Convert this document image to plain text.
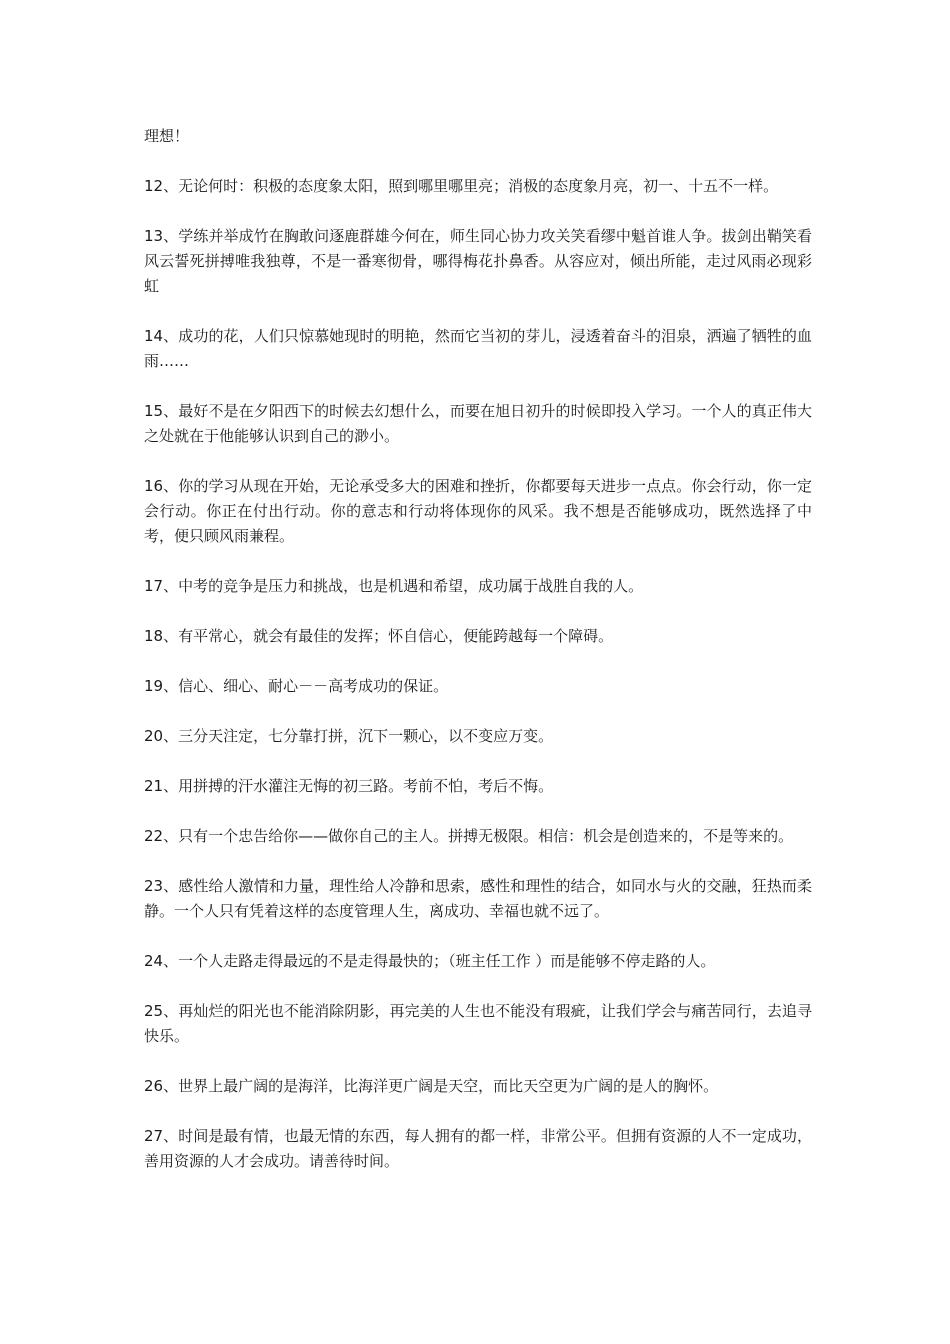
理想！

12、无论何时：积极的态度象太阳，照到哪里哪里亮；消极的态度象月亮，初一、十五不一样。

13、学练并举成竹在胸敢问逐鹿群雄今何在，师生同心协力攻关笑看缪中魁首谁人争。拔剑出鞘笑看风云誓死拼搏唯我独尊，不是一番寒彻骨，哪得梅花扑鼻香。从容应对，倾出所能，走过风雨必现彩虹

14、成功的花，人们只惊慕她现时的明艳，然而它当初的芽儿，浸透着奋斗的泪泉，洒遍了牺牲的血雨……

15、最好不是在夕阳西下的时候去幻想什么，而要在旭日初升的时候即投入学习。一个人的真正伟大之处就在于他能够认识到自己的渺小。

16、你的学习从现在开始，无论承受多大的困难和挫折，你都要每天进步一点点。你会行动，你一定会行动。你正在付出行动。你的意志和行动将体现你的风采。我不想是否能够成功，既然选择了中考，便只顾风雨兼程。

17、中考的竞争是压力和挑战，也是机遇和希望，成功属于战胜自我的人。

18、有平常心，就会有最佳的发挥；怀自信心，便能跨越每一个障碍。

19、信心、细心、耐心－－高考成功的保证。

20、三分天注定，七分靠打拼，沉下一颗心，以不变应万变。

21、用拼搏的汗水灌注无悔的初三路。考前不怕，考后不悔。

22、只有一个忠告给你——做你自己的主人。拼搏无极限。相信：机会是创造来的，不是等来的。

23、感性给人激情和力量，理性给人冷静和思索，感性和理性的结合，如同水与火的交融，狂热而柔静。一个人只有凭着这样的态度管理人生，离成功、幸福也就不远了。

24、一个人走路走得最远的不是走得最快的；（班主任工作 ）而是能够不停走路的人。

25、再灿烂的阳光也不能消除阴影，再完美的人生也不能没有瑕疵，让我们学会与痛苦同行，去追寻快乐。

26、世界上最广阔的是海洋，比海洋更广阔是天空，而比天空更为广阔的是人的胸怀。

27、时间是最有情，也最无情的东西，每人拥有的都一样，非常公平。但拥有资源的人不一定成功，善用资源的人才会成功。请善待时间。
